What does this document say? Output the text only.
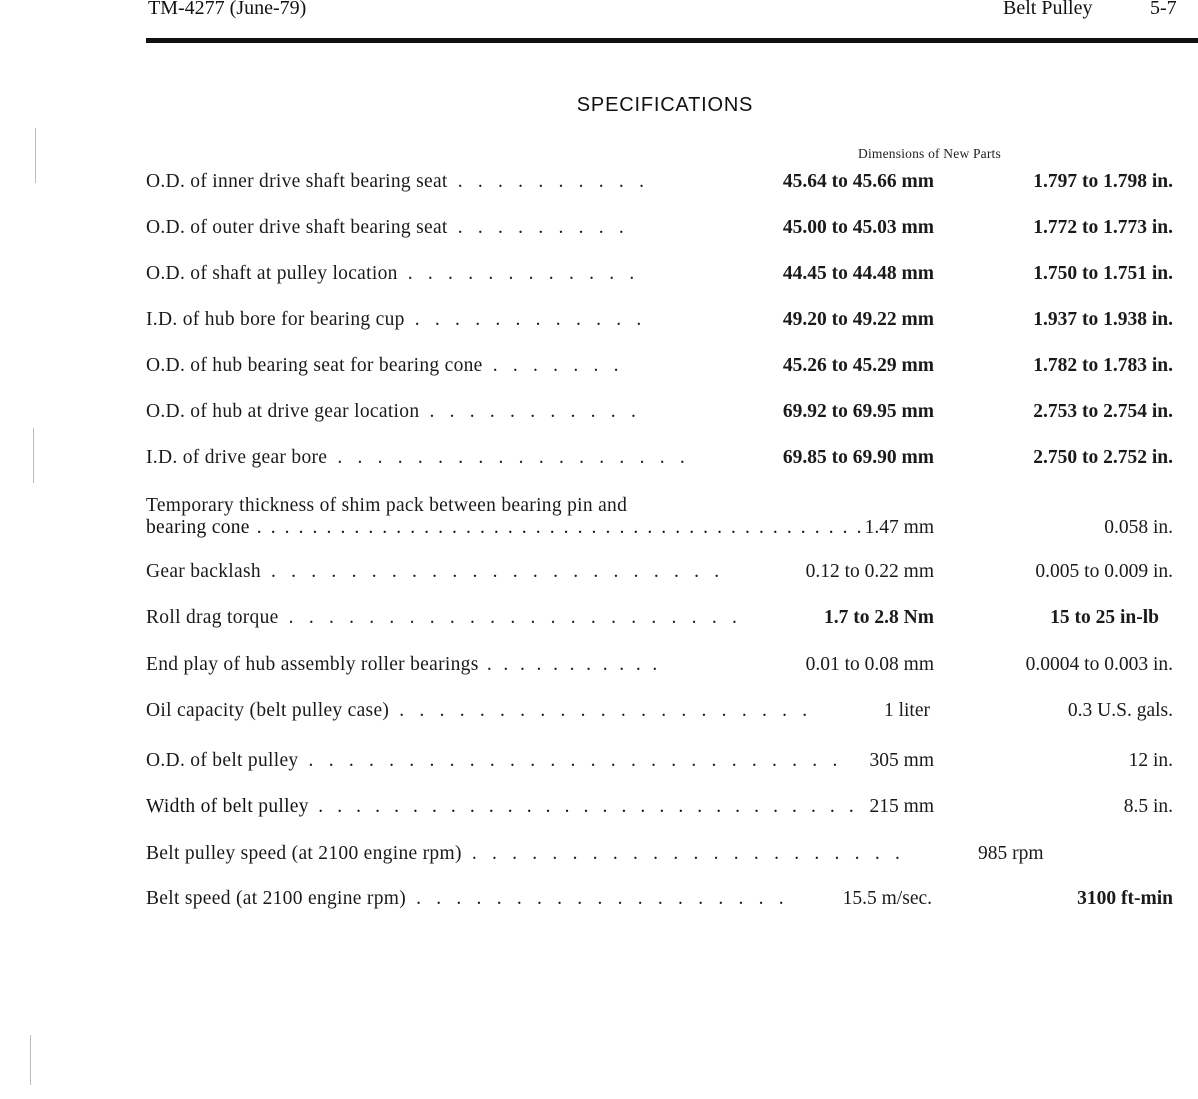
TM-4277 (June-79)	Belt Pulley	5-7
SPECIFICATIONS
Dimensions of New Parts
O.D. of inner drive shaft bearing seat . . . . . . . . . .	45.64 to 45.66 mm	1.797 to 1.798 in.
O.D. of outer drive shaft bearing seat . . . . . . . . .	45.00 to 45.03 mm	1.772 to 1.773 in.
O.D. of shaft at pulley location . . . . . . . . . . . .	44.45 to 44.48 mm	1.750 to 1.751 in.
I.D. of hub bore for bearing cup . . . . . . . . . . . .	49.20 to 49.22 mm	1.937 to 1.938 in.
O.D. of hub bearing seat for bearing cone . . . . . . .	45.26 to 45.29 mm	1.782 to 1.783 in.
O.D. of hub at drive gear location . . . . . . . . . . .	69.92 to 69.95 mm	2.753 to 2.754 in.
I.D. of drive gear bore . . . . . . . . . . . . . . . . . .	69.85 to 69.90 mm	2.750 to 2.752 in.
Temporary thickness of shim pack between bearing pin and
bearing cone . . . . . . . . . . . . . . . . . . . . . . . . . . . . . . . . . . . . . . . . . . . . 1.47 mm	0.058 in.
Gear backlash . . . . . . . . . . . . . . . . . . . . . . .	0.12 to 0.22 mm	0.005 to 0.009 in.
Roll drag torque . . . . . . . . . . . . . . . . . . . . . . .	1.7 to 2.8 Nm	15 to 25 in-lb
End play of hub assembly roller bearings . . . . . . . . . . .	0.01 to 0.08 mm	0.0004 to 0.003 in.
Oil capacity (belt pulley case) . . . . . . . . . . . . . . . . . . . . .	1 liter	0.3 U.S. gals.
O.D. of belt pulley . . . . . . . . . . . . . . . . . . . . . . . . . . . 305 mm	12 in.
Width of belt pulley . . . . . . . . . . . . . . . . . . . . . . . . . . . . . 215 mm	8.5 in.
Belt pulley speed (at 2100 engine rpm) . . . . . . . . . . . . . . . . . . . . . .	985 rpm
Belt speed (at 2100 engine rpm) . . . . . . . . . . . . . . . . . . .	15.5 m/sec.	3100 ft-min
